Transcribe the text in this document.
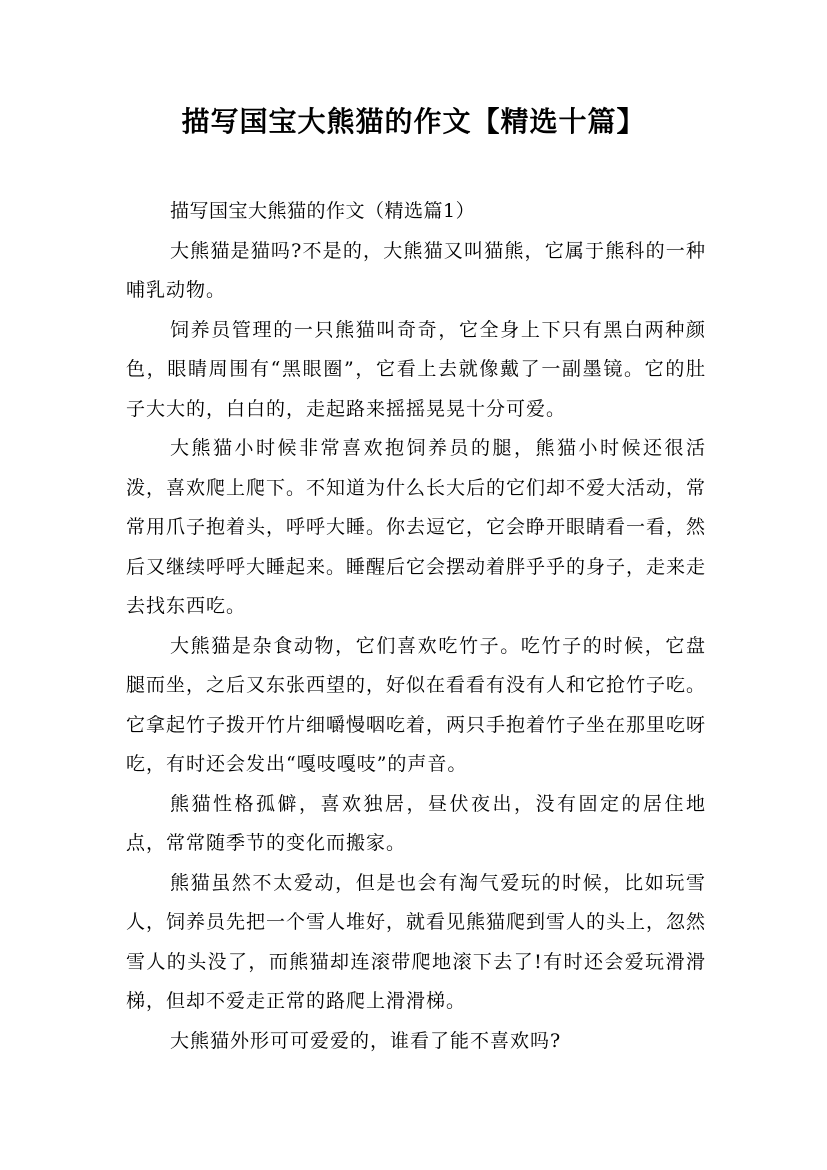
描写国宝大熊猫的作文【精选十篇】

描写国宝大熊猫的作文（精选篇1）

大熊猫是猫吗?不是的，大熊猫又叫猫熊，它属于熊科的一种哺乳动物。

饲养员管理的一只熊猫叫奇奇，它全身上下只有黑白两种颜色，眼睛周围有“黑眼圈”，它看上去就像戴了一副墨镜。它的肚子大大的，白白的，走起路来摇摇晃晃十分可爱。

大熊猫小时候非常喜欢抱饲养员的腿，熊猫小时候还很活泼，喜欢爬上爬下。不知道为什么长大后的它们却不爱大活动，常常用爪子抱着头，呼呼大睡。你去逗它，它会睁开眼睛看一看，然后又继续呼呼大睡起来。睡醒后它会摆动着胖乎乎的身子，走来走去找东西吃。

大熊猫是杂食动物，它们喜欢吃竹子。吃竹子的时候，它盘腿而坐，之后又东张西望的，好似在看看有没有人和它抢竹子吃。它拿起竹子拨开竹片细嚼慢咽吃着，两只手抱着竹子坐在那里吃呀吃，有时还会发出“嘎吱嘎吱”的声音。

熊猫性格孤僻，喜欢独居，昼伏夜出，没有固定的居住地点，常常随季节的变化而搬家。

熊猫虽然不太爱动，但是也会有淘气爱玩的时候，比如玩雪人，饲养员先把一个雪人堆好，就看见熊猫爬到雪人的头上，忽然雪人的头没了，而熊猫却连滚带爬地滚下去了!有时还会爱玩滑滑梯，但却不爱走正常的路爬上滑滑梯。

大熊猫外形可可爱爱的，谁看了能不喜欢吗?
